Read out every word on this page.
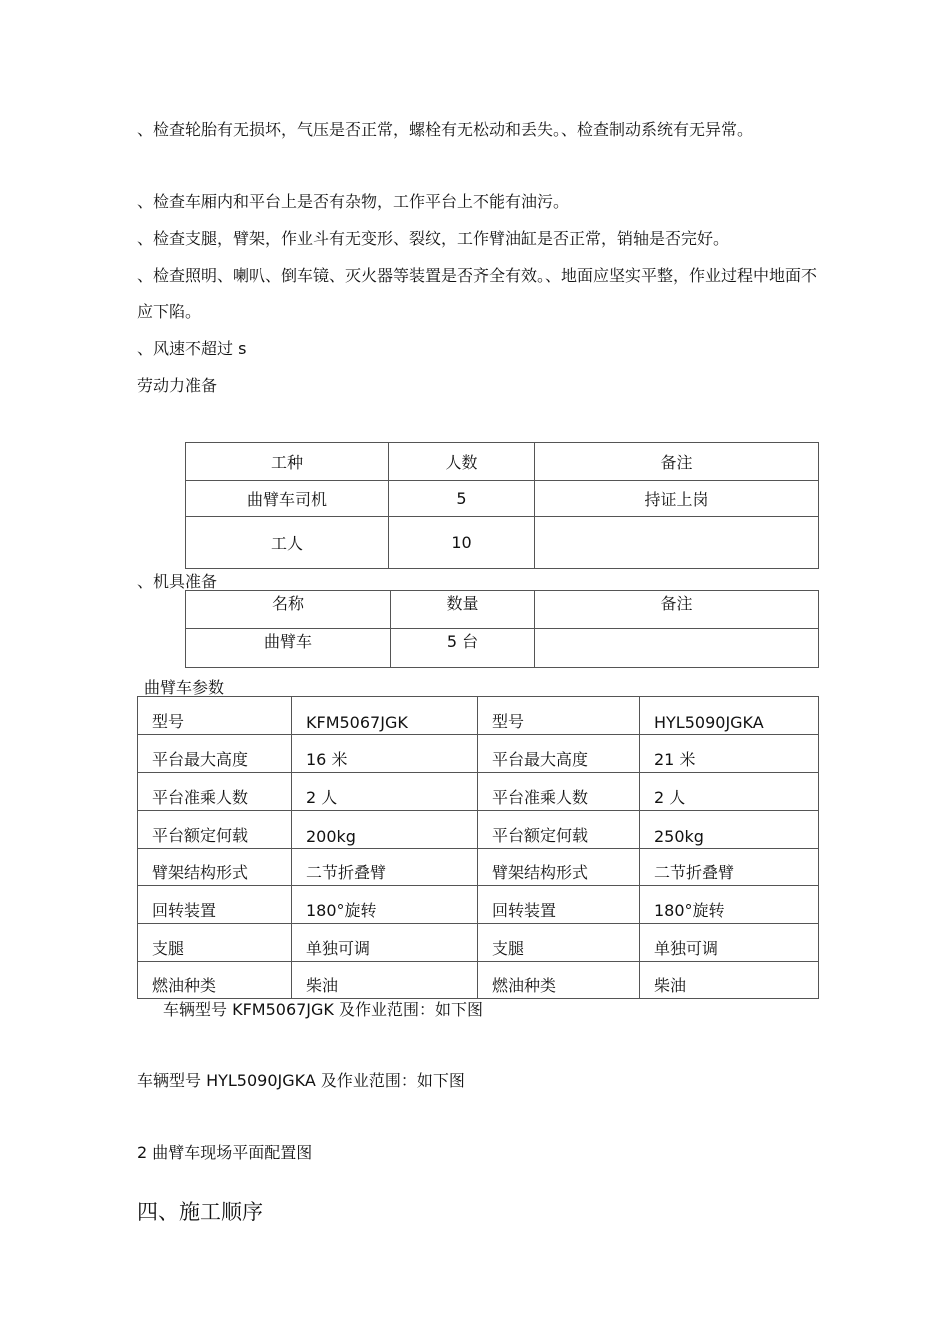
、检查轮胎有无损坏，气压是否正常，螺栓有无松动和丢失。、检查制动系统有无异常。
、检查车厢内和平台上是否有杂物，工作平台上不能有油污。
、检查支腿，臂架，作业斗有无变形、裂纹，工作臂油缸是否正常，销轴是否完好。
、检查照明、喇叭、倒车镜、灭火器等装置是否齐全有效。、地面应坚实平整，作业过程中地面不应下陷。
、风速不超过 s
劳动力准备
工种	人数	备注
曲臂车司机	5	持证上岗
工人	10	
、机具准备
名称	数量	备注
曲臂车	5 台	
曲臂车参数
型号	KFM5067JGK	型号	HYL5090JGKA
平台最大高度	16 米	平台最大高度	21 米
平台准乘人数	2 人	平台准乘人数	2 人
平台额定何载	200kg	平台额定何载	250kg
臂架结构形式	二节折叠臂	臂架结构形式	二节折叠臂
回转装置	180°旋转	回转装置	180°旋转
支腿	单独可调	支腿	单独可调
燃油种类	柴油	燃油种类	柴油
车辆型号 KFM5067JGK 及作业范围：如下图
车辆型号 HYL5090JGKA 及作业范围：如下图
2 曲臂车现场平面配置图
四、施工顺序
